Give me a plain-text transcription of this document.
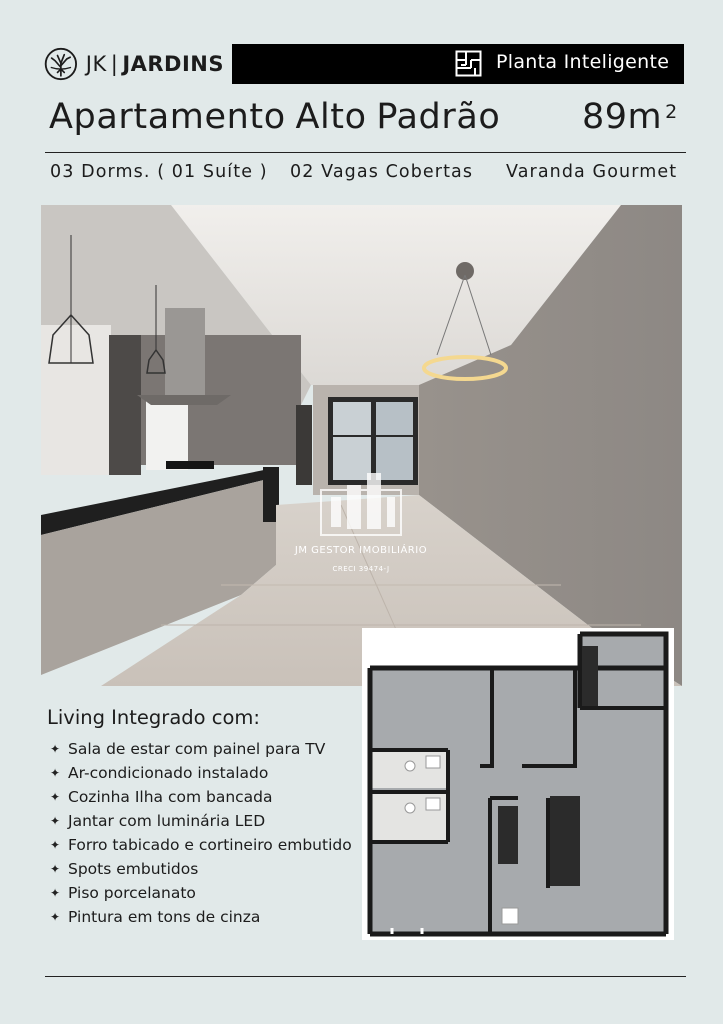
JK | JARDINS	Planta Inteligente
Apartamento Alto Padrão 89m $^2$
03 Dorms. ( 01 Suíte ) 02 Vagas Cobertas Varanda Gourmet
JM GESTOR IMOBILIÁRIO
CRECI 39474-J
Living Integrado com:
✦ Sala de estar com painel para TV
✦ Ar-condicionado instalado
✦ Cozinha Ilha com bancada
✦ Jantar com luminária LED
✦ Forro tabicado e cortineiro embutido
✦ Spots embutidos
✦ Piso porcelanato
✦ Pintura em tons de cinza
